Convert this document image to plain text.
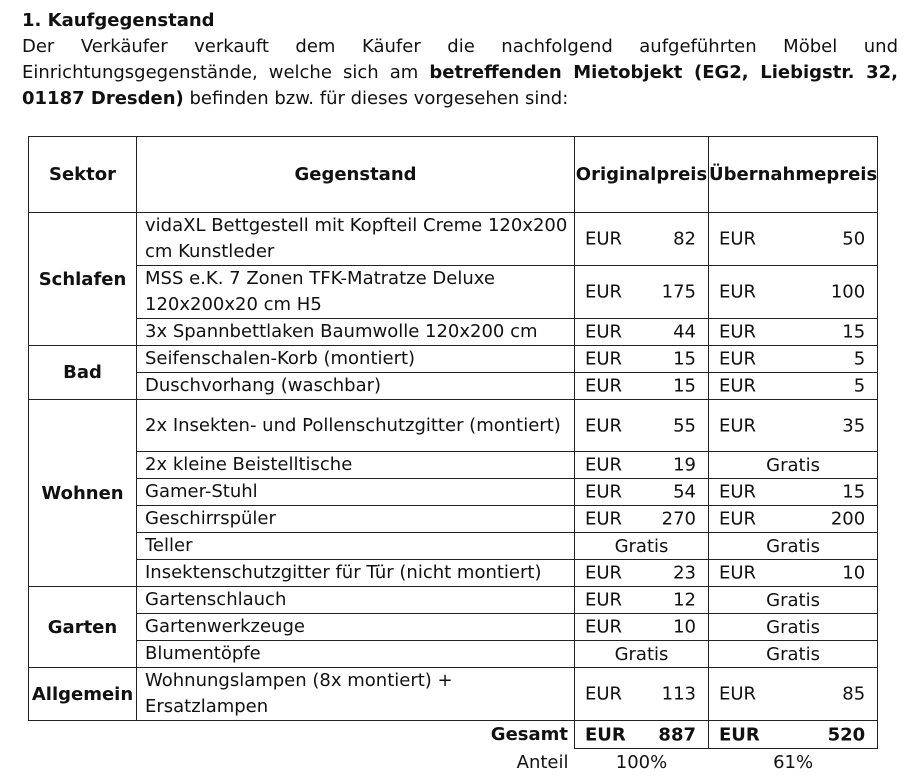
1. Kaufgegenstand
Der Verkäufer verkauft dem Käufer die nachfolgend aufgeführten Möbel und Einrichtungsgegenstände, welche sich am betreffenden Mietobjekt (EG2, Liebigstr. 32, 01187 Dresden) befinden bzw. für dieses vorgesehen sind:
Sektor	Gegenstand	Originalpreis	Übernahmepreis
Schlafen	vidaXL Bettgestell mit Kopfteil Creme 120x200 cm Kunstleder	EUR 82	EUR 50

	MSS e.K. 7 Zonen TFK-Matratze Deluxe 120x200x20 cm H5	EUR 175	EUR 100

	3x Spannbettlaken Baumwolle 120x200 cm	EUR 44	EUR 15

Bad	Seifenschalen-Korb (montiert)	EUR 15	EUR 5

	Duschvorhang (waschbar)	EUR 15	EUR 5

Wohnen	2x Insekten- und Pollenschutzgitter (montiert)	EUR 55	EUR 35

	2x kleine Beistelltische	EUR 19	Gratis

	Gamer-Stuhl	EUR 54	EUR 15

	Geschirrspüler	EUR 270	EUR 200

	Teller	Gratis	Gratis

	Insektenschutzgitter für Tür (nicht montiert)	EUR 23	EUR 10

Garten	Gartenschlauch	EUR 12	Gratis

	Gartenwerkzeuge	EUR 10	Gratis

	Blumentöpfe	Gratis	Gratis

Allgemein	Wohnungslampen (8x montiert) + Ersatzlampen	EUR 113	EUR 85

	Gesamt	EUR 887	EUR 520

	Anteil	100%	61%
